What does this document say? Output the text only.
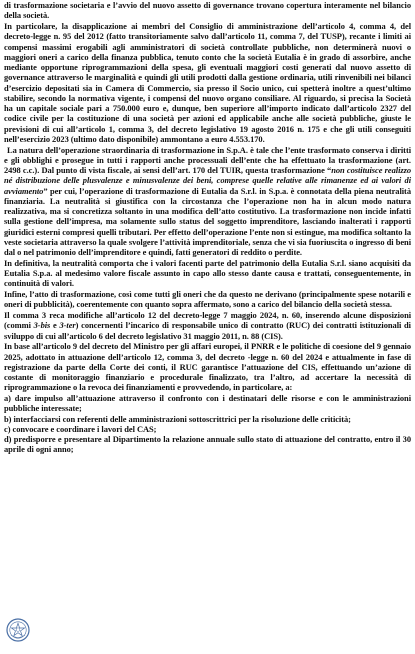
di trasformazione societaria e l’avvio del nuovo assetto di governance trovano copertura interamente nel bilancio della società.

In particolare, la disapplicazione ai membri del Consiglio di amministrazione dell’articolo 4, comma 4, del decreto-legge n. 95 del 2012 (fatto transitoriamente salvo dall’articolo 11, comma 7, del TUSP), recante i limiti ai compensi massimi erogabili agli amministratori di società controllate pubbliche, non determinerà nuovi o maggiori oneri a carico della finanza pubblica, tenuto conto che la società Eutalia è in grado di assorbire, anche mediante opportune riprogrammazioni della spesa, gli eventuali maggiori costi generati dal nuovo assetto di governance attraverso le marginalità e quindi gli utili prodotti dalla gestione ordinaria, utili rinvenibili nei bilanci d’esercizio depositati sia in Camera di Commercio, sia presso il Socio unico, cui spetterà inoltre a quest’ultimo stabilire, secondo la normativa vigente, i compensi del nuovo organo consiliare. Al riguardo, si precisa la Società ha un capitale sociale pari a 750.000 euro e, dunque, ben superiore all’importo indicato dall’articolo 2327 del codice civile per la costituzione di una società per azioni ed applicabile anche alle società pubbliche, giuste le previsioni di cui all’articolo 1, comma 3, del decreto legislativo 19 agosto 2016 n. 175 e che gli utili conseguiti nell’esercizio 2023 (ultimo dato disponibile) ammontano a euro 4.553.170.

La natura dell’operazione straordinaria di trasformazione in S.p.A. è tale che l’ente trasformato conserva i diritti e gli obblighi e prosegue in tutti i rapporti anche processuali dell’ente che ha effettuato la trasformazione (art. 2498 c.c.). Dal punto di vista fiscale, ai sensi dell’art. 170 del TUIR, questa trasformazione “non costituisce realizzo né distribuzione delle plusvalenze e minusvalenze dei beni, comprese quelle relative alle rimanenze ed ai valori di avviamento” per cui, l’operazione di trasformazione di Eutalia da S.r.l. in S.p.a. è connotata della piena neutralità finanziaria. La neutralità si giustifica con la circostanza che l’operazione non ha in alcun modo natura realizzativa, ma si concretizza soltanto in una modifica dell’atto costitutivo. La trasformazione non incide infatti sulla gestione dell’impresa, ma solamente sullo status del soggetto imprenditore, lasciando inalterati i rapporti giuridici esterni compresi quelli tributari. Per effetto dell’operazione l’ente non si estingue, ma modifica soltanto la veste societaria attraverso la quale svolgere l’attività imprenditoriale, senza che vi sia fuoriuscita o ingresso di beni dal o nel patrimonio dell’imprenditore e quindi, fatti generatori di reddito o perdite.

In definitiva, la neutralità comporta che i valori facenti parte del patrimonio della Eutalia S.r.l. siano acquisiti da Eutalia S.p.a. al medesimo valore fiscale assunto in capo allo stesso dante causa e trattati, conseguentemente, in continuità di valori.

Infine, l’atto di trasformazione, così come tutti gli oneri che da questo ne derivano (principalmente spese notarili e oneri di pubblicità), coerentemente con quanto sopra affermato, sono a carico del bilancio della società stessa.

Il comma 3 reca modifiche all’articolo 12 del decreto-legge 7 maggio 2024, n. 60, inserendo alcune disposizioni (commi 3-bis e 3-ter) concernenti l’incarico di responsabile unico di contratto (RUC) dei contratti istituzionali di sviluppo di cui all’articolo 6 del decreto legislativo 31 maggio 2011, n. 88 (CIS).

In base all’articolo 9 del decreto del Ministro per gli affari europei, il PNRR e le politiche di coesione del 9 gennaio 2025, adottato in attuazione dell’articolo 12, comma 3, del decreto -legge n. 60 del 2024 e attualmente in fase di registrazione da parte della Corte dei conti, il RUC garantisce l’attuazione del CIS, effettuando un’azione di costante di monitoraggio finanziario e procedurale finalizzato, tra l’altro, ad accertare la necessità di riprogrammazione o la revoca dei finanziamenti e provvedendo, in particolare, a:

a) dare impulso all’attuazione attraverso il confronto con i destinatari delle risorse e con le amministrazioni pubbliche interessate;

b) interfacciarsi con referenti delle amministrazioni sottoscrittrici per la risoluzione delle criticità;

c) convocare e coordinare i lavori del CAS;

d) predisporre e presentare al Dipartimento la relazione annuale sullo stato di attuazione del contratto, entro il 30 aprile di ogni anno;
